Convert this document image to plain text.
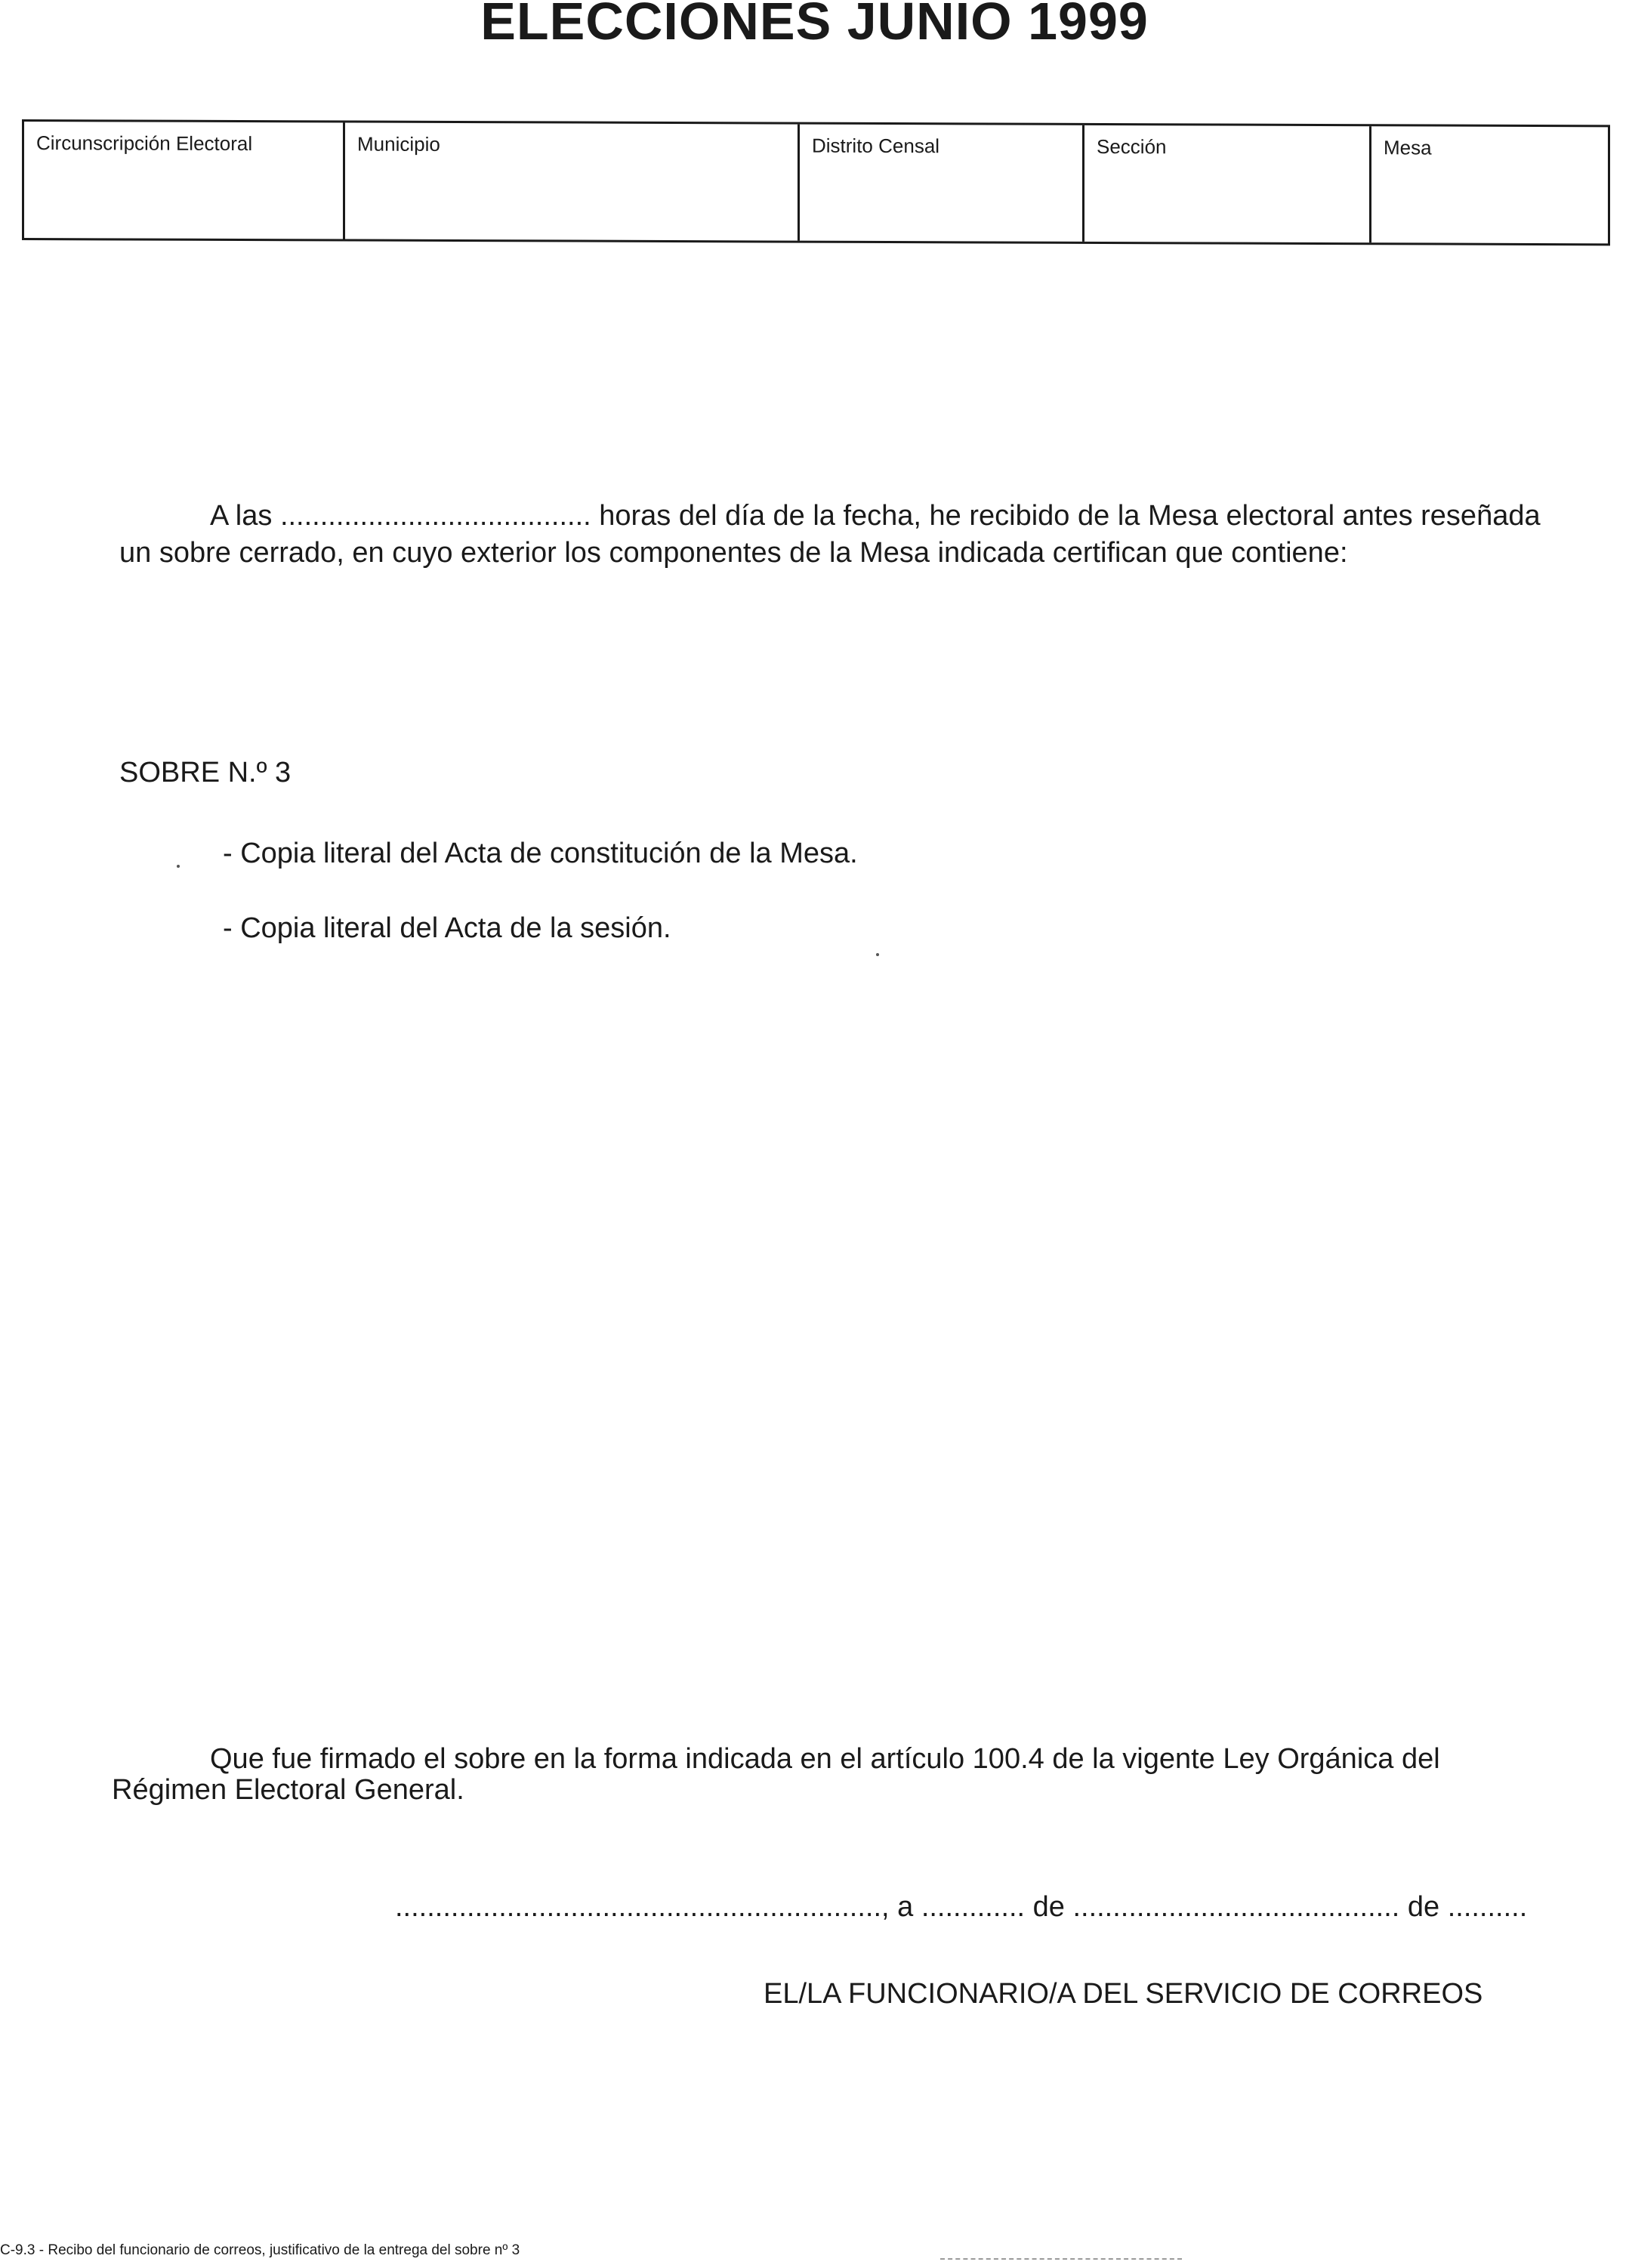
ELECCIONES JUNIO 1999
Circunscripción Electoral	Municipio	Distrito Censal	Sección	Mesa
A las ....................................... horas del día de la fecha, he recibido de la Mesa electoral antes reseñada
un sobre cerrado, en cuyo exterior los componentes de la Mesa indicada certifican que contiene:
SOBRE N.º 3
- Copia literal del Acta de constitución de la Mesa.
- Copia literal del Acta de la sesión.
Que fue firmado el sobre en la forma indicada en el artículo 100.4 de la vigente Ley Orgánica del
Régimen Electoral General.
............................................................., a ............. de ......................................... de ..........
EL/LA FUNCIONARIO/A DEL SERVICIO DE CORREOS
C-9.3 - Recibo del funcionario de correos, justificativo de la entrega del sobre nº 3
